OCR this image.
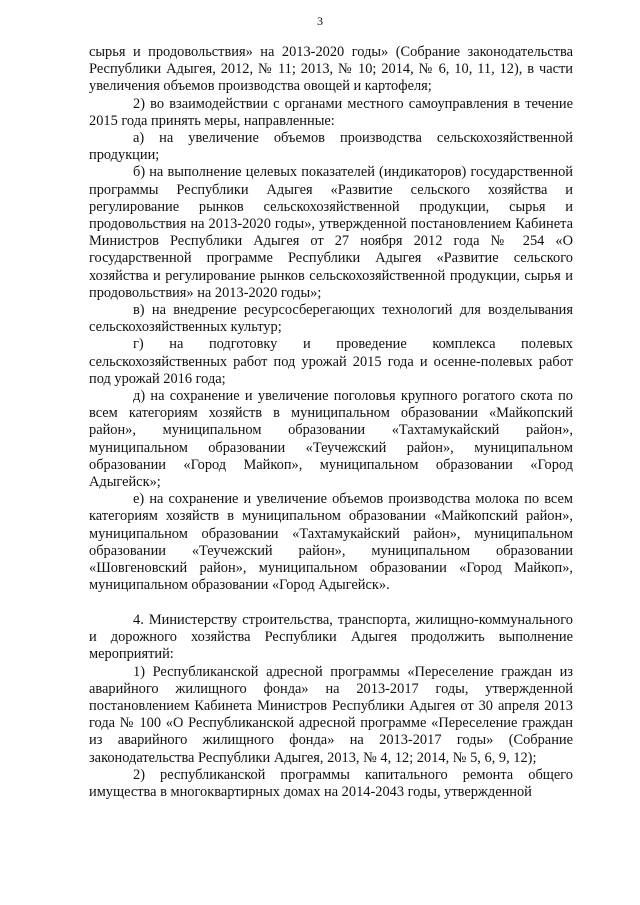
3

сырья и продовольствия» на 2013-2020 годы» (Собрание законодательства Республики Адыгея, 2012, № 11; 2013, № 10; 2014, № 6, 10, 11, 12), в части увеличения объемов производства овощей и картофеля;

2) во взаимодействии с органами местного самоуправления в течение 2015 года принять меры, направленные:

а) на увеличение объемов производства сельскохозяйственной продукции;

б) на выполнение целевых показателей (индикаторов) государственной программы Республики Адыгея «Развитие сельского хозяйства и регулирование рынков сельскохозяйственной продукции, сырья и продовольствия на 2013-2020 годы», утвержденной постановлением Кабинета Министров Республики Адыгея от 27 ноября 2012 года № 254 «О государственной программе Республики Адыгея «Развитие сельского хозяйства и регулирование рынков сельскохозяйственной продукции, сырья и продовольствия» на 2013-2020 годы»;

в) на внедрение ресурсосберегающих технологий для возделывания сельскохозяйственных культур;

г) на подготовку и проведение комплекса полевых сельскохозяйственных работ под урожай 2015 года и осенне-полевых работ под урожай 2016 года;

д) на сохранение и увеличение поголовья крупного рогатого скота по всем категориям хозяйств в муниципальном образовании «Майкопский район», муниципальном образовании «Тахтамукайский район», муниципальном образовании «Теучежский район», муниципальном образовании «Город Майкоп», муниципальном образовании «Город Адыгейск»;

е) на сохранение и увеличение объемов производства молока по всем категориям хозяйств в муниципальном образовании «Майкопский район», муниципальном образовании «Тахтамукайский район», муниципальном образовании «Теучежский район», муниципальном образовании «Шовгеновский район», муниципальном образовании «Город Майкоп», муниципальном образовании «Город Адыгейск».

4. Министерству строительства, транспорта, жилищно-коммунального и дорожного хозяйства Республики Адыгея продолжить выполнение мероприятий:

1) Республиканской адресной программы «Переселение граждан из аварийного жилищного фонда» на 2013-2017 годы, утвержденной постановлением Кабинета Министров Республики Адыгея от 30 апреля 2013 года № 100 «О Республиканской адресной программе «Переселение граждан из аварийного жилищного фонда» на 2013-2017 годы» (Собрание законодательства Республики Адыгея, 2013, № 4, 12; 2014, № 5, 6, 9, 12);

2) республиканской программы капитального ремонта общего имущества в многоквартирных домах на 2014-2043 годы, утвержденной
